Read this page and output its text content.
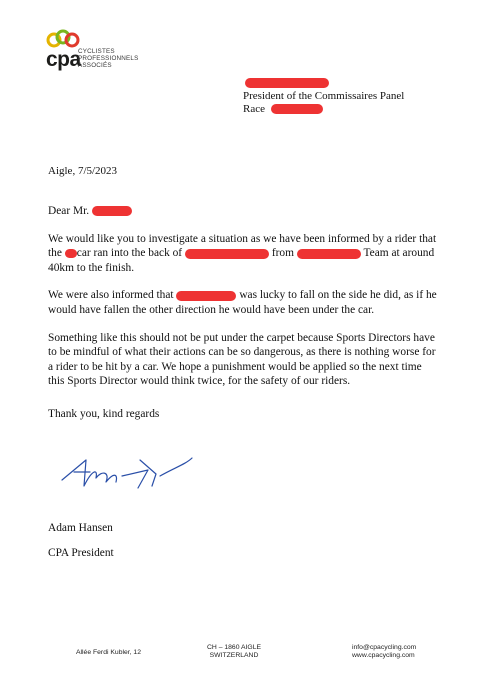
cpa
CYCLISTES
PROFESSIONNELS
ASSOCIÉS
President of the Commissaires Panel
Race
Aigle, 7/5/2023

Dear Mr.

We would like you to investigate a situation as we have been informed by a rider that the car ran into the back of	from	Team at around 40km to the finish.

We were also informed that	was lucky to fall on the side he did, as if he would have fallen the other direction he would have been under the car.

Something like this should not be put under the carpet because Sports Directors have to be mindful of what their actions can be so dangerous, as there is nothing worse for a rider to be hit by a car. We hope a punishment would be applied so the next time this Sports Director would think twice, for the safety of our riders.

Thank you, kind regards

Adam Hansen
CPA President
Allée Ferdi Kubler, 12
CH – 1860 AIGLE
SWITZERLAND
info@cpacycling.com
www.cpacycling.com
